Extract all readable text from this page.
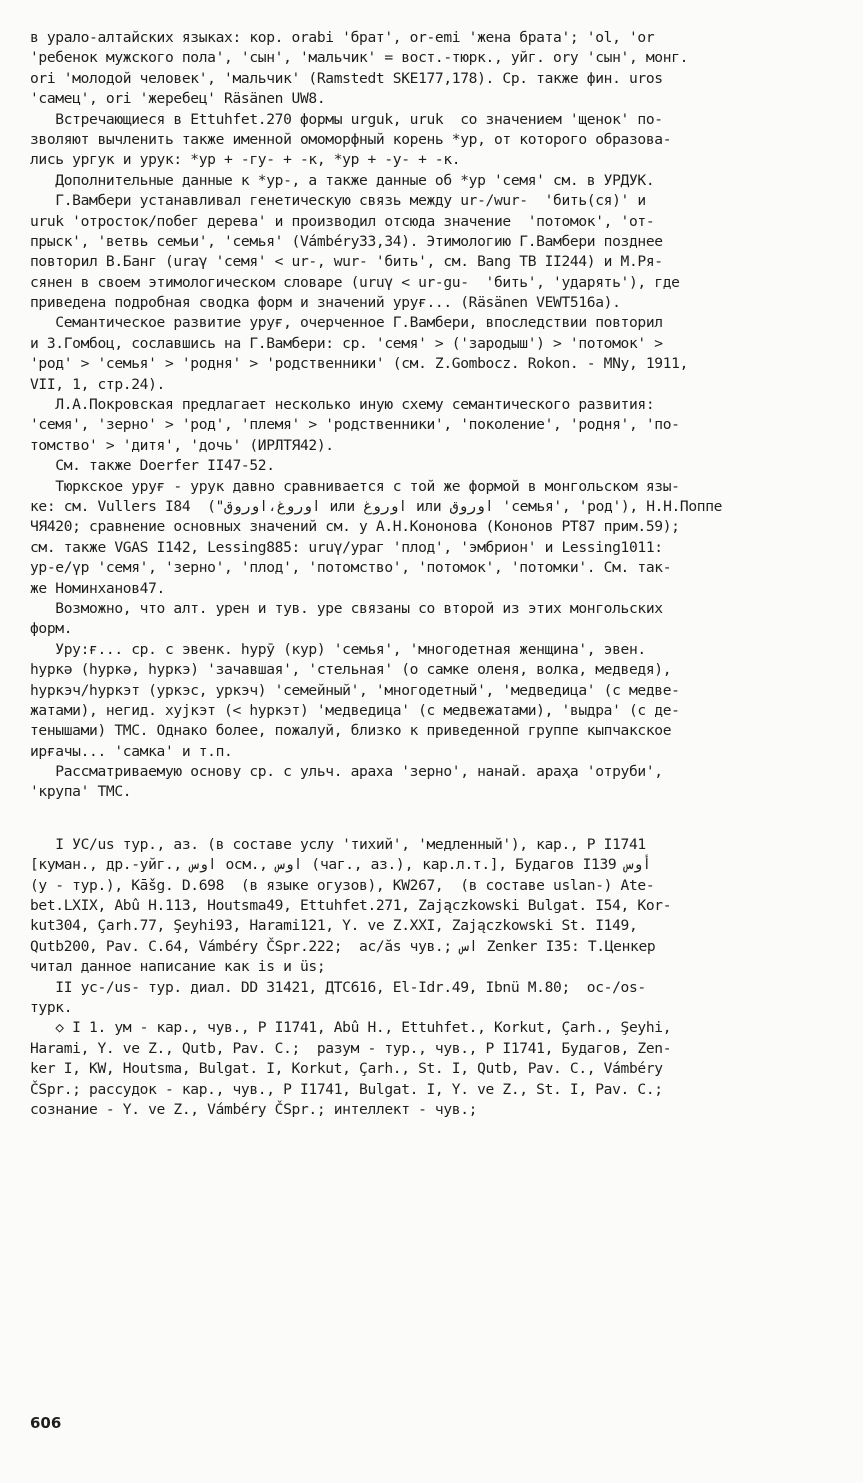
в урало-алтайских языках: кор. orabi 'брат', or-emi 'жена брата'; 'ol, 'or
'ребенок мужского пола', 'сын', 'мальчик' = вост.-тюрк., уйг. ory 'сын', монг.
ori 'молодой человек', 'мальчик' (Ramstedt SKE177,178). Ср. также фин. uros
'самец', ori 'жеребец' Räsänen UW8.
Встречающиеся в Ettuhfet.270 формы urguk, uruk  со значением 'щенок' по-
зволяют вычленить также именной омоморфный корень *ур, от которого образова-
лись ургук и урук: *ур + -гу- + -к, *ур + -у- + -к.
Дополнительные данные к *ур-, а также данные об *ур 'семя' см. в УРДУК.
Г.Вамбери устанавливал генетическую связь между ur-/wur-  'бить(ся)' и
uruk 'отросток/побег дерева' и производил отсюда значение  'потомок', 'от-
прыск', 'ветвь семьи', 'семья' (Vámbéry33,34). Этимологию Г.Вамбери позднее
повторил В.Банг (uraγ 'семя' < ur-, wur- 'бить', см. Bang TB II244) и М.Ря-
сянен в своем этимологическом словаре (uruγ < ur-gu-  'бить', 'ударять'), где
приведена подробная сводка форм и значений уруғ... (Räsänen VEWT516a).
Семантическое развитие уруғ, очерченное Г.Вамбери, впоследствии повторил
и З.Гомбоц, сославшись на Г.Вамбери: ср. 'семя' > ('зародыш') > 'потомок' >
'род' > 'семья' > 'родня' > 'родственники' (см. Z.Gombocz. Rokon. - MNy, 1911,
VII, 1, стр.24).
Л.А.Покровская предлагает несколько иную схему семантического развития:
'семя', 'зерно' > 'род', 'племя' > 'родственники', 'поколение', 'родня', 'по-
томство' > 'дитя', 'дочь' (ИРЛТЯ42).
См. также Doerfer II47-52.
Тюркское уруғ - урук давно сравнивается с той же формой в монгольском язы-
ке: см. Vullers I84  ("اوروغ،اوروق или اوروغ или اوروق 'семья', 'род'), Н.Н.Поппе
ЧЯ420; сравнение основных значений см. у А.Н.Кононова (Кононов РТ87 прим.59);
см. также VGAS I142, Lessing885: uruγ/ураг 'плод', 'эмбрион' и Lessing1011:
ур-е/үр 'семя', 'зерно', 'плод', 'потомство', 'потомок', 'потомки'. См. так-
же Номинханов47.
Возможно, что алт. урен и тув. уре связаны со второй из этих монгольских
форм.
Уру:ғ... ср. с эвенк. һурӯ (кур) 'семья', 'многодетная женщина', эвен.
һуркә (һуркә, һуркэ) 'зачавшая', 'стельная' (о самке оленя, волка, медведя),
һуркэч/һуркэт (уркэс, уркэч) 'семейный', 'многодетный', 'медведица' (с медве-
жатами), негид. хуjкэт (< һуркэт) 'медведица' (с медвежатами), 'выдра' (с де-
тенышами) ТМС. Однако более, пожалуй, близко к приведенной группе кыпчакское
ирғачы... 'самка' и т.п.
Рассматриваемую основу ср. с ульч. араха 'зерно', нанай. араҳа 'отруби',
'крупа' ТМС.
I УС/us тур., аз. (в составе услу 'тихий', 'медленный'), кар., P I1741
[куман., др.-уйг., اوس осм., اوس (чаг., аз.), кар.л.т.], Будагов I139 أوس
(у - тур.), Kāšg. D.698  (в языке огузов), KW267,  (в составе uslan-) Ate-
bet.LXIX, Abû H.113, Houtsma49, Ettuhfet.271, Zajączkowski Bulgat. I54, Kor-
kut304, Çarh.77, Şeyhi93, Harami121, Y. ve Z.XXI, Zajączkowski St. I149,
Qutb200, Pav. C.64, Vámbéry ČSpr.222;  ас/ӑs чув.; اس Zenker I35: Т.Ценкер
читал данное написание как is и üs;
II ус-/us- тур. диал. DD 31421, ДТС616, El-Idr.49, Ibnü M.80;  ос-/os-
турк.
◇ I 1. ум - кар., чув., P I1741, Abû H., Ettuhfet., Korkut, Çarh., Şeyhi,
Harami, Y. ve Z., Qutb, Pav. C.;  разум - тур., чув., P I1741, Будагов, Zen-
ker I, KW, Houtsma, Bulgat. I, Korkut, Çarh., St. I, Qutb, Pav. C., Vámbéry
ČSpr.; рассудок - кар., чув., P I1741, Bulgat. I, Y. ve Z., St. I, Pav. C.;
сознание - Y. ve Z., Vámbéry ČSpr.; интеллект - чув.;
606
